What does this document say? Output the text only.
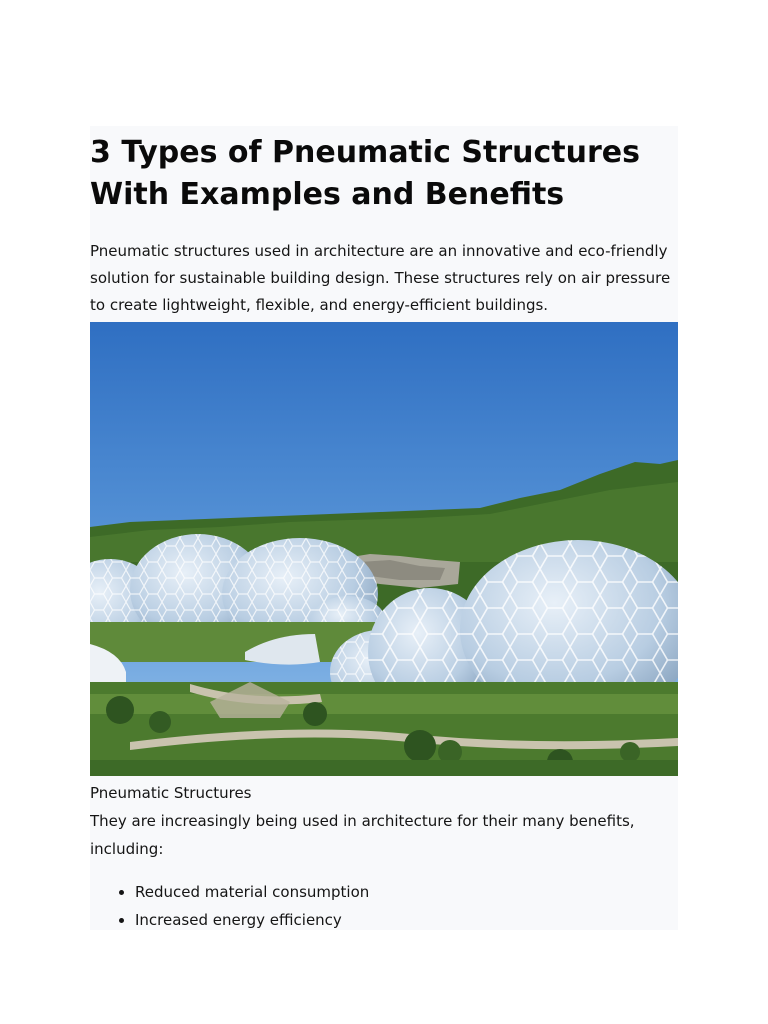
3 Types of Pneumatic Structures With Examples and Benefits

Pneumatic structures used in architecture are an innovative and eco-friendly solution for sustainable building design. These structures rely on air pressure to create lightweight, flexible, and energy-efficient buildings.

Pneumatic Structures

They are increasingly being used in architecture for their many benefits, including:

• Reduced material consumption
• Increased energy efficiency
